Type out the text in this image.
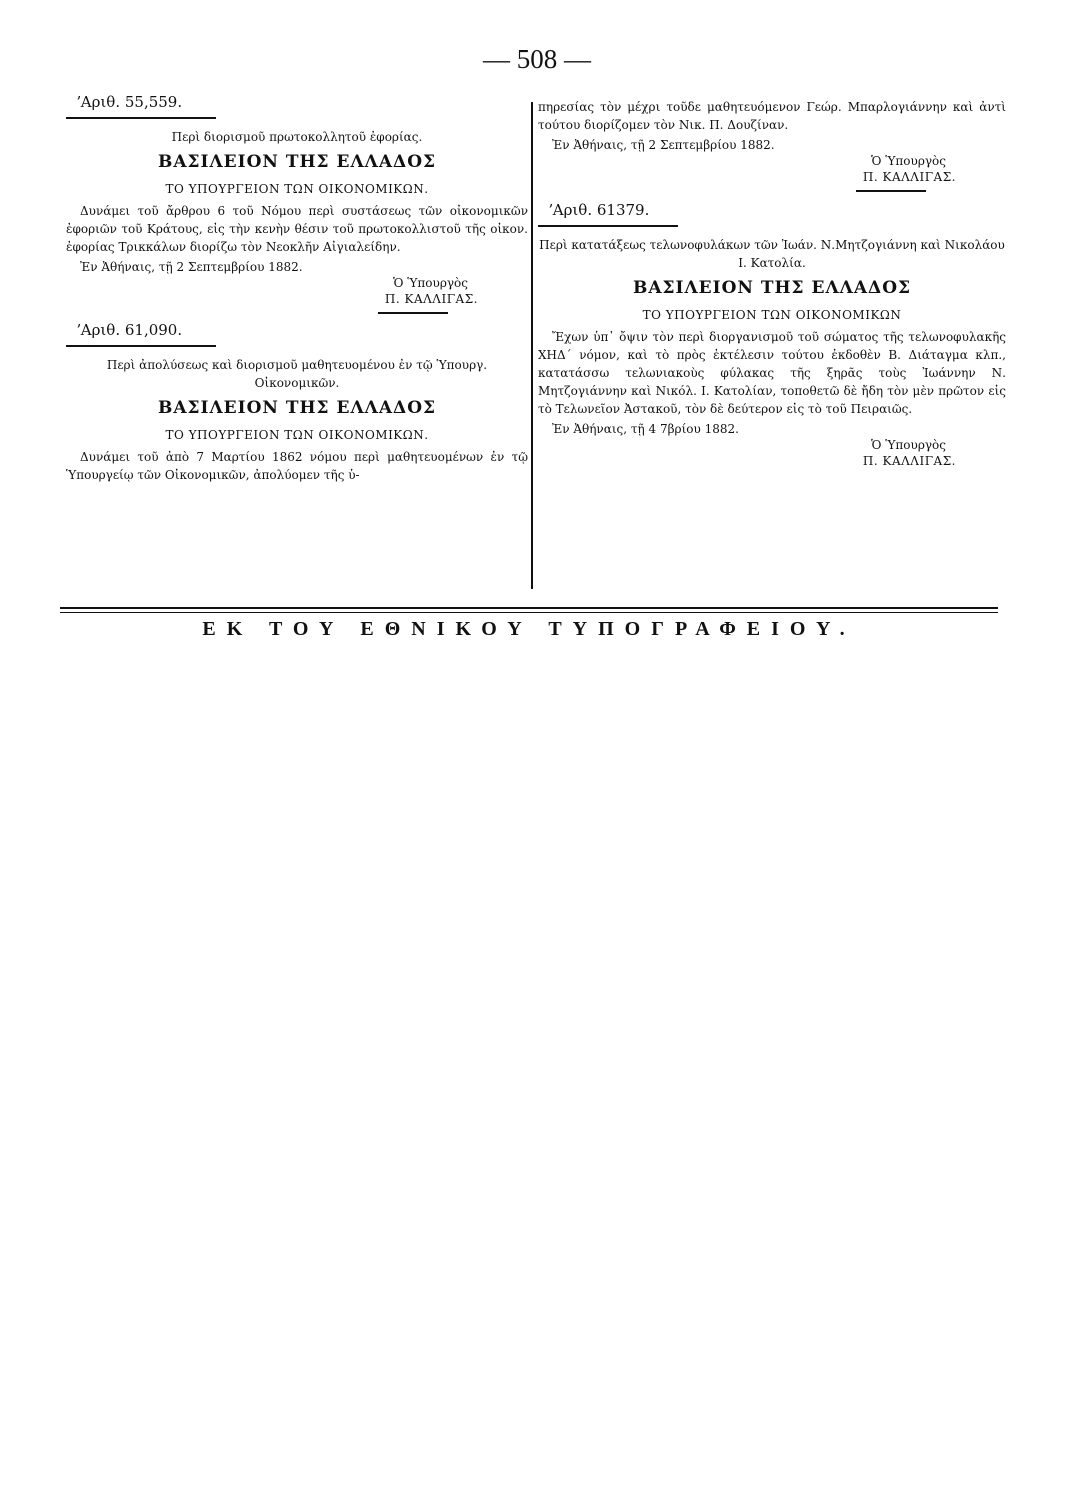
— 508 —
ʼΑριθ. 55,559.
Περὶ διορισμοῦ πρωτοκολλητοῦ ἐφορίας.
ΒΑΣΙΛΕΙΟΝ ΤΗΣ ΕΛΛΑΔΟΣ
ΤΟ ΥΠΟΥΡΓΕΙΟΝ ΤΩΝ ΟΙΚΟΝΟΜΙΚΩΝ.
Δυνάμει τοῦ ἄρθρου 6 τοῦ Νόμου περὶ συστάσεως τῶν οἰκονομικῶν ἐφοριῶν τοῦ Κράτους, εἰς τὴν κενὴν θέσιν τοῦ πρωτοκολλιστοῦ τῆς οἰκον. ἐφορίας Τρικκάλων διορίζω τὸν Νεοκλῆν Αἰγιαλείδην.
Ἐν Ἀθήναις, τῇ 2 Σεπτεμβρίου 1882.
Ὁ Ὑπουργὸς
Π. ΚΑΛΛΙΓΑΣ.
ʼΑριθ. 61,090.
Περὶ ἀπολύσεως καὶ διορισμοῦ μαθητευομένου ἐν τῷ Ὑπουργ. Οἰκονομικῶν.
ΒΑΣΙΛΕΙΟΝ ΤΗΣ ΕΛΛΑΔΟΣ
ΤΟ ΥΠΟΥΡΓΕΙΟΝ ΤΩΝ ΟΙΚΟΝΟΜΙΚΩΝ.
Δυνάμει τοῦ ἀπὸ 7 Μαρτίου 1862 νόμου περὶ μαθητευομένων ἐν τῷ Ὑπουργείῳ τῶν Οἰκονομικῶν, ἀπολύομεν τῆς ὑ-
πηρεσίας τὸν μέχρι τοῦδε μαθητευόμενον Γεώρ. Μπαρλογιάννην καὶ ἀντὶ τούτου διορίζομεν τὸν Νικ. Π. Δουζίναν.
Ἐν Ἀθήναις, τῇ 2 Σεπτεμβρίου 1882.
Ὁ Ὑπουργὸς
Π. ΚΑΛΛΙΓΑΣ.
ʼΑριθ. 61379.
Περὶ κατατάξεως τελωνοφυλάκων τῶν Ἰωάν. Ν.Μητζογιάννη καὶ Νικολάου Ι. Κατολία.
ΒΑΣΙΛΕΙΟΝ ΤΗΣ ΕΛΛΑΔΟΣ
ΤΟ ΥΠΟΥΡΓΕΙΟΝ ΤΩΝ ΟΙΚΟΝΟΜΙΚΩΝ
Ἔχων ὑπ᾽ ὄψιν τὸν περὶ διοργανισμοῦ τοῦ σώματος τῆς τελωνοφυλακῆς ΧΗΔ΄ νόμον, καὶ τὸ πρὸς ἐκτέλεσιν τούτου ἐκδοθὲν Β. Διάταγμα κλπ., κατατάσσω τελωνιακοὺς φύλακας τῆς ξηρᾶς τοὺς Ἰωάννην Ν. Μητζογιάννην καὶ Νικόλ. Ι. Κατολίαν, τοποθετῶ δὲ ἤδη τὸν μὲν πρῶτον εἰς τὸ Τελωνεῖον Ἀστακοῦ, τὸν δὲ δεύτερον εἰς τὸ τοῦ Πειραιῶς.
Ἐν Ἀθήναις, τῇ 4 7βρίου 1882.
Ὁ Ὑπουργὸς
Π. ΚΑΛΛΙΓΑΣ.
ΕΚ ΤΟΥ ΕΘΝΙΚΟΥ ΤΥΠΟΓΡΑΦΕΙΟΥ.
